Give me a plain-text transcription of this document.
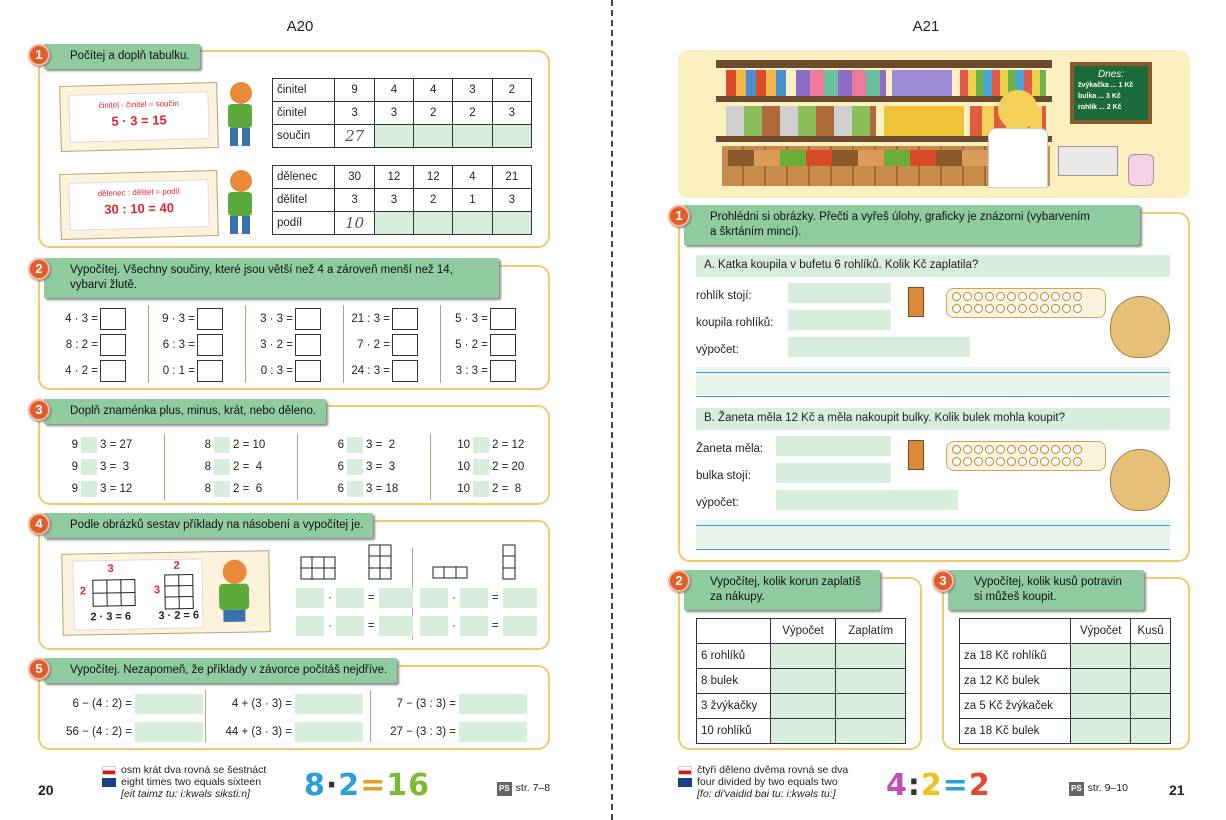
A20
Počítej a doplň tabulku.
1
činitel · činitel = součin
5 · 3 = 15
činitel	9	4	4	3	2
činitel	3	3	2	2	3
součin	27				
dělenec : dělitel = podíl
30 : 10 = 40
dělenec	30	12	12	4	21
dělitel	3	3	2	1	3
podíl	10				
Vypočítej. Všechny součiny, které jsou větší než 4 a zároveň menší než 14,
vybarvi žlutě.
2
4 · 3 =
8 : 2 =
4 · 2 =
9 · 3 =
6 : 3 =
0 : 1 =
3 · 3 =
3 · 2 =
0 : 3 =
21 : 3 =
7 · 2 =
24 : 3 =
5 · 3 =
5 · 2 =
3 : 3 =
Doplň znaménka plus, minus, krát, nebo děleno.
3
9 3 = 27
9 3 =  3
9 3 = 12
8 2 = 10
8 2 =  4
8 2 =  6
6 3 =  2
6 3 =  3
6 3 = 18
10 2 = 12
10 2 = 20
10 2 =  8
Podle obrázků sestav příklady na násobení a vypočítej je.
4
3
2
2 · 3 = 6
2
3
3 · 2 = 6
·	=
·	=
·	=
·	=
Vypočítej. Nezapomeň, že příklady v závorce počítáš nejdříve.
5
6 − (4 : 2) =	4 + (3 · 3) =	7 − (3 : 3) =
56 − (4 : 2) =	44 + (3 · 3) =	27 − (3 : 3) =
20
osm krát dva rovná se šestnáct
eight times two equals sixteen
[eit taimz tu: i:kwəls siksti:n]	8·2=16	PS str. 7–8
A21
Dnes:
žvýkačka ... 1 Kč
bulka ... 3 Kč
rohlík ... 2 Kč
Prohlédni si obrázky. Přečti a vyřeš úlohy, graficky je znázorni (vybarvením
a škrtáním mincí).
1
A. Katka koupila v bufetu 6 rohlíků. Kolik Kč zaplatila?
rohlík stojí:
koupila rohlíků:
výpočet:

B. Žaneta měla 12 Kč a měla nakoupit bulky. Kolik bulek mohla koupit?
Žaneta měla:
bulka stojí:
výpočet:

Vypočítej, kolik korun zaplatíš
za nákupy.
2
	Výpočet	Zaplatím
6 rohlíků		
8 bulek		
3 žvýkačky		
10 rohlíků		
Vypočítej, kolik kusů potravin
si můžeš koupit.
3
	Výpočet	Kusů
za 18 Kč rohlíků		
za 12 Kč bulek		
za 5 Kč žvýkaček		
za 18 Kč bulek		
čtyři děleno dvěma rovná se dva
four divided by two equals two
[fo: di'vaidid bai tu: i:kwəls tu:]	4:2=2	PS str. 9–10	21
